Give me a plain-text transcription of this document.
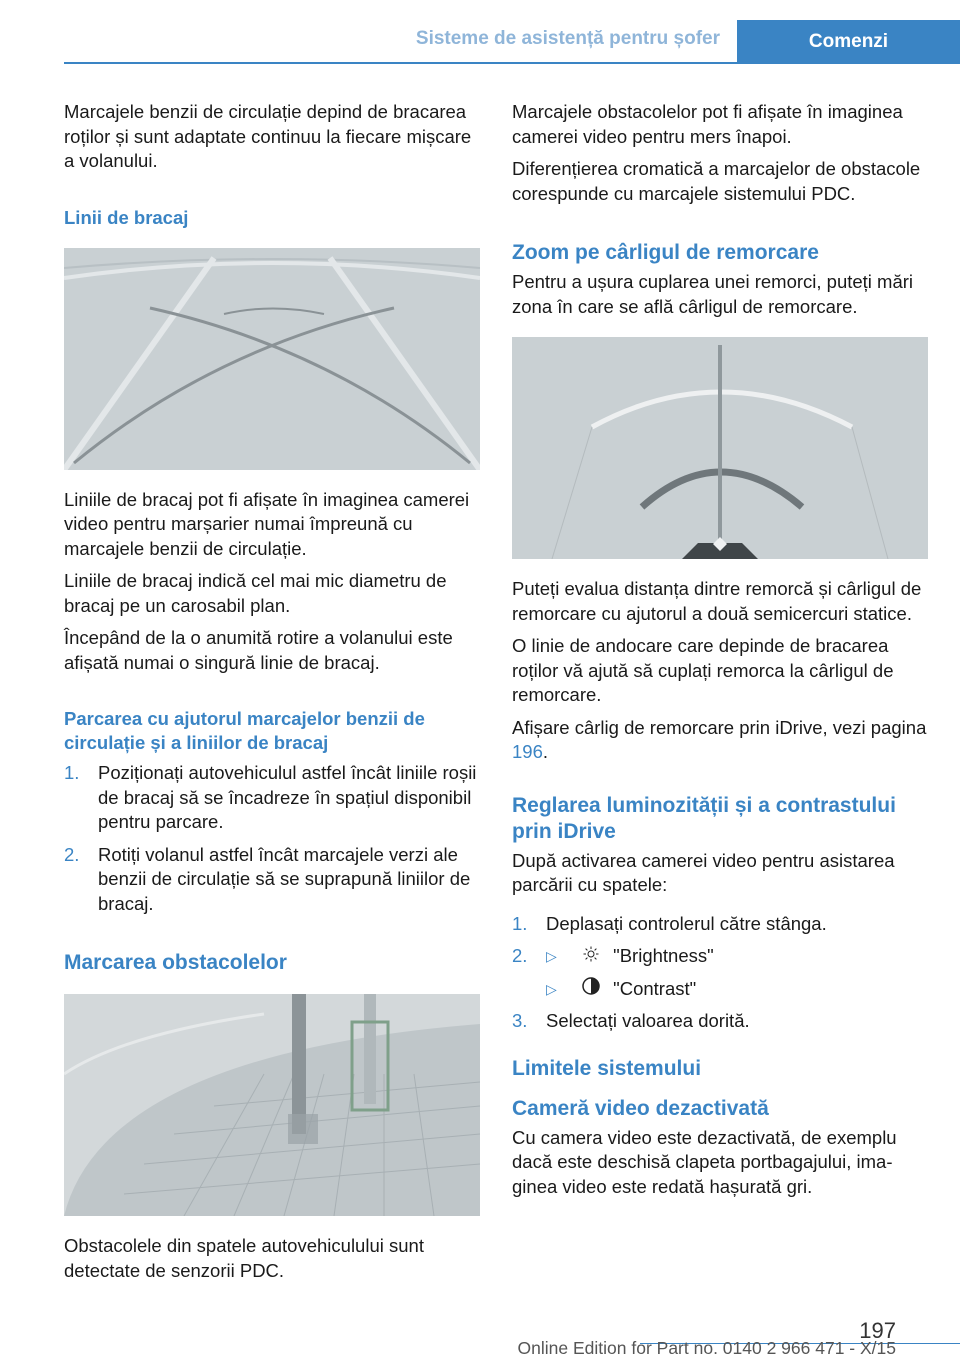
Sisteme de asistență pentru șofer	Comenzi

Marcajele benzii de circulație depind de bracarea roților și sunt adaptate continuu la fiecare mișcare a volanului.

Linii de bracaj

Liniile de bracaj pot fi afișate în imaginea camerei video pentru marșarier numai împreună cu marcajele benzii de circulație.

Liniile de bracaj indică cel mai mic diametru de bracaj pe un carosabil plan.

Începând de la o anumită rotire a volanului este afișată numai o singură linie de bracaj.

Parcarea cu ajutorul marcajelor benzii de circulație și a liniilor de bracaj
1. Poziționați autovehiculul astfel încât liniile roșii de bracaj să se încadreze în spațiul disponibil pentru parcare.
2. Rotiți volanul astfel încât marcajele verzi ale benzii de circulație să se suprapună liniilor de bracaj.
Marcarea obstacolelor

Obstacolele din spatele autovehiculului sunt detectate de senzorii PDC.

Marcajele obstacolelor pot fi afișate în imaginea camerei video pentru mers înapoi.

Diferențierea cromatică a marcajelor de obstacole corespunde cu marcajele sistemului PDC.

Zoom pe cârligul de remorcare

Pentru a ușura cuplarea unei remorci, puteți mări zona în care se află cârligul de remorcare.

Puteți evalua distanța dintre remorcă și cârligul de remorcare cu ajutorul a două semicercuri statice.

O linie de andocare care depinde de bracarea roților vă ajută să cuplați remorca la cârligul de remorcare.

Afișare cârlig de remorcare prin iDrive, vezi pagina 196.

Reglarea luminozității și a contrastului prin iDrive

După activarea camerei video pentru asistarea parcării cu spatele:

1. Deplasați controlerul către stânga.
2. ▷	"Brightness"
▷	"Contrast"
3. Selectați valoarea dorită.
Limitele sistemului
Cameră video dezactivată

Cu camera video este dezactivată, de exemplu dacă este deschisă clapeta portbagajului, imaginea video este redată hașurată gri.

197
Online Edition for Part no. 0140 2 966 471 - X/15
